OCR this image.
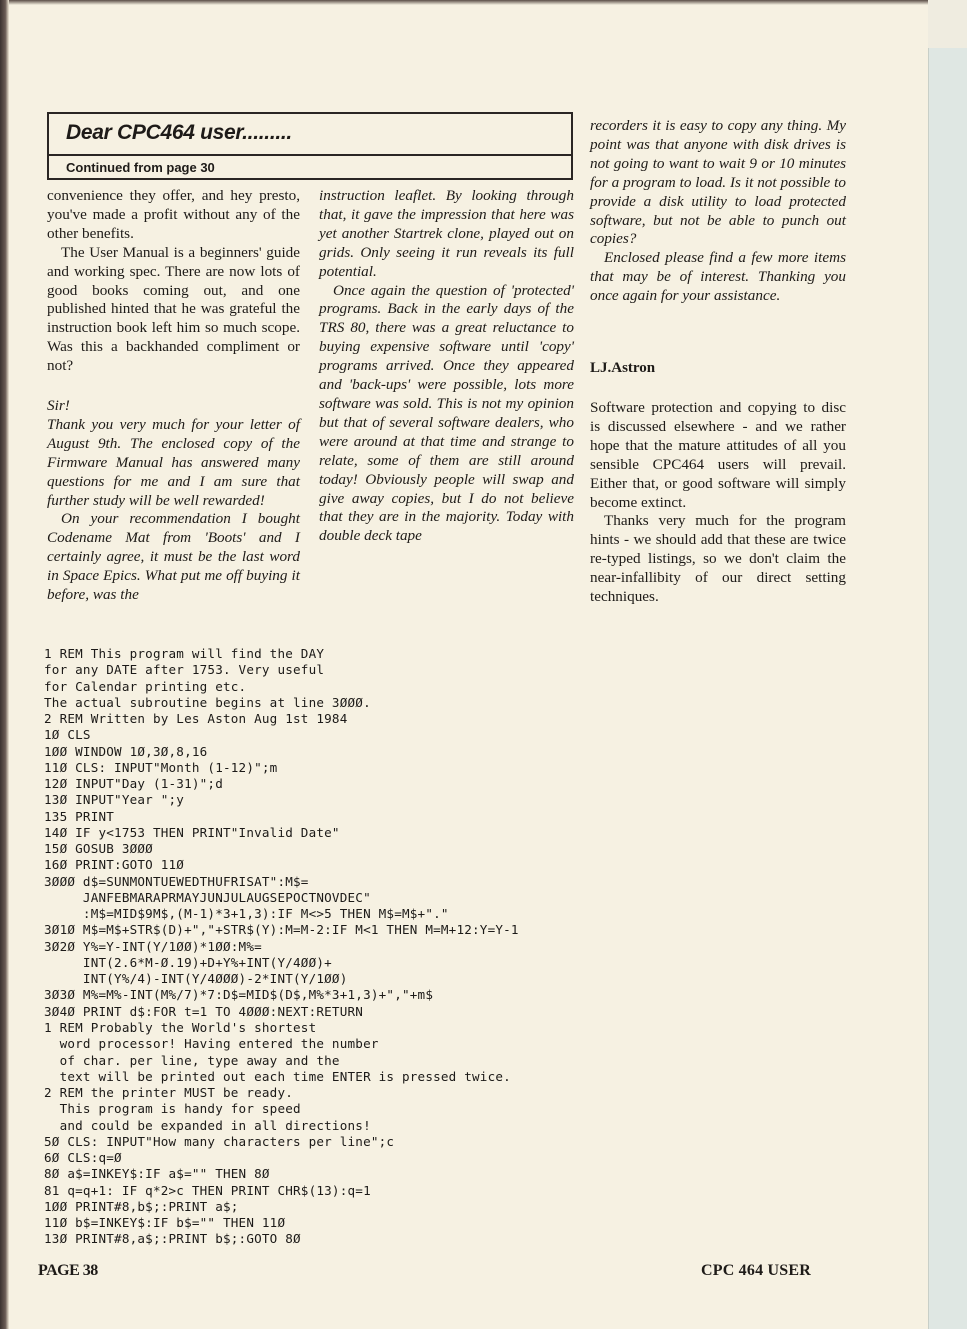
Dear CPC464 user.........
Continued from page 30

convenience they offer, and hey presto, you've made a profit without any of the other benefits.

The User Manual is a beginners' guide and working spec. There are now lots of good books coming out, and one published hinted that he was grateful the instruction book left him so much scope. Was this a backhanded compliment or not?

Sir!

Thank you very much for your letter of August 9th. The enclosed copy of the Firmware Manual has answered many questions for me and I am sure that further study will be well rewarded!

On your recommendation I bought Codename Mat from 'Boots' and I certainly agree, it must be the last word in Space Epics. What put me off buying it before, was the

instruction leaflet. By looking through that, it gave the impression that here was yet another Startrek clone, played out on grids. Only seeing it run reveals its full potential.

Once again the question of 'protected' programs. Back in the early days of the TRS 80, there was a great reluctance to buying expensive software until 'copy' programs arrived. Once they appeared and 'back-ups' were possible, lots more software was sold. This is not my opinion but that of several software dealers, who were around at that time and strange to relate, some of them are still around today! Obviously people will swap and give away copies, but I do not believe that they are in the majority. Today with double deck tape

recorders it is easy to copy any thing. My point was that anyone with disk drives is not going to want to wait 9 or 10 minutes for a program to load. Is it not possible to provide a disk utility to load protected software, but not be able to punch out copies?

Enclosed please find a few more items that may be of interest. Thanking you once again for your assistance.

LJ.Astron

Software protection and copying to disc is discussed elsewhere - and we rather hope that the mature attitudes of all you sensible CPC464 users will prevail. Either that, or good software will simply become extinct.

Thanks very much for the program hints - we should add that these are twice re-typed listings, so we don't claim the near-infallibity of our direct setting techniques.

1 REM This program will find the DAY
for any DATE after 1753. Very useful
for Calendar printing etc.
The actual subroutine begins at line 3ØØØ.
2 REM Written by Les Aston Aug 1st 1984
1Ø CLS
1ØØ WINDOW 1Ø,3Ø,8,16
11Ø CLS: INPUT"Month (1-12)";m
12Ø INPUT"Day (1-31)";d
13Ø INPUT"Year ";y
135 PRINT
14Ø IF y<1753 THEN PRINT"Invalid Date"
15Ø GOSUB 3ØØØ
16Ø PRINT:GOTO 11Ø
3ØØØ d$=SUNMONTUEWEDTHUFRISAT":M$=
JANFEBMARAPRMAYJUNJULAUGSEPOCTNOVDEC"
:M$=MID$9M$,(M-1)*3+1,3):IF M<>5 THEN M$=M$+"."
3Ø1Ø M$=M$+STR$(D)+","+STR$(Y):M=M-2:IF M<1 THEN M=M+12:Y=Y-1
3Ø2Ø Y%=Y-INT(Y/1ØØ)*1ØØ:M%=
INT(2.6*M-Ø.19)+D+Y%+INT(Y/4ØØ)+
INT(Y%/4)-INT(Y/4ØØØ)-2*INT(Y/1ØØ)
3Ø3Ø M%=M%-INT(M%/7)*7:D$=MID$(D$,M%*3+1,3)+","+m$
3Ø4Ø PRINT d$:FOR t=1 TO 4ØØØ:NEXT:RETURN
1 REM Probably the World's shortest
word processor! Having entered the number
of char. per line, type away and the
text will be printed out each time ENTER is pressed twice.
2 REM the printer MUST be ready.
This program is handy for speed
and could be expanded in all directions!
5Ø CLS: INPUT"How many characters per line";c
6Ø CLS:q=Ø
8Ø a$=INKEY$:IF a$="" THEN 8Ø
81 q=q+1: IF q*2>c THEN PRINT CHR$(13):q=1
1ØØ PRINT#8,b$;:PRINT a$;
11Ø b$=INKEY$:IF b$="" THEN 11Ø
13Ø PRINT#8,a$;:PRINT b$;:GOTO 8Ø
PAGE 38	CPC 464 USER
